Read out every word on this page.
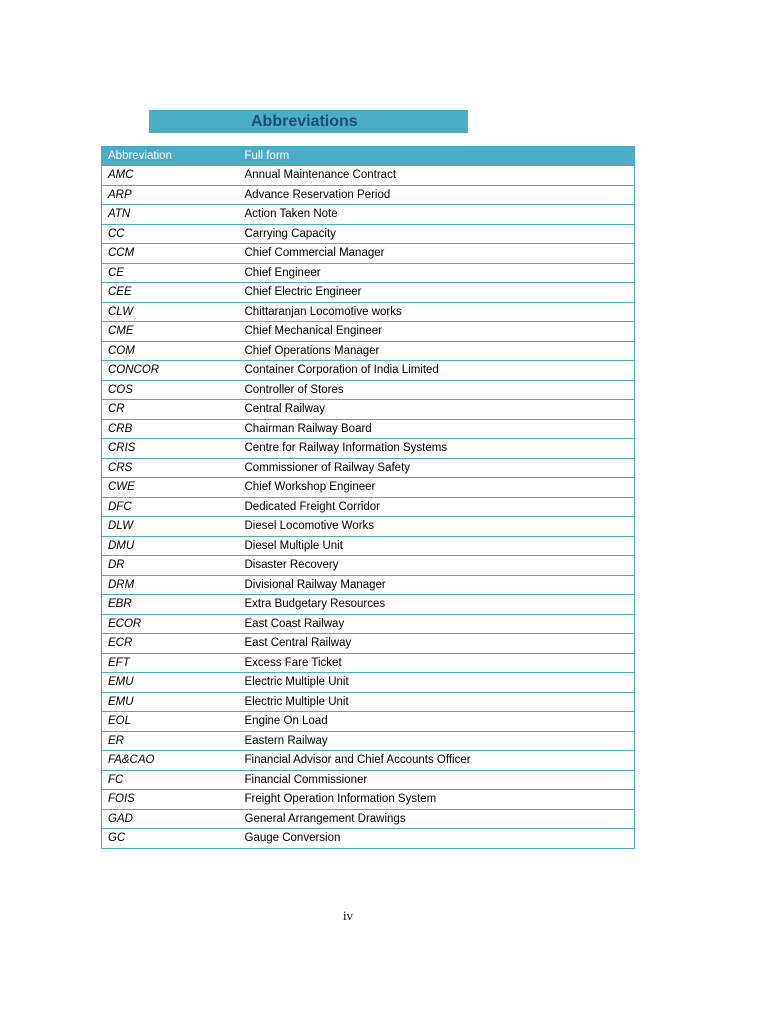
Abbreviations
Abbreviation	Full form
AMC	Annual Maintenance Contract
ARP	Advance Reservation Period
ATN	Action Taken Note
CC	Carrying Capacity
CCM	Chief Commercial Manager
CE	Chief Engineer
CEE	Chief Electric Engineer
CLW	Chittaranjan Locomotive works
CME	Chief Mechanical Engineer
COM	Chief Operations Manager
CONCOR	Container Corporation of India Limited
COS	Controller of Stores
CR	Central Railway
CRB	Chairman Railway Board
CRIS	Centre for Railway Information Systems
CRS	Commissioner of Railway Safety
CWE	Chief Workshop Engineer
DFC	Dedicated Freight Corridor
DLW	Diesel Locomotive Works
DMU	Diesel Multiple Unit
DR	Disaster Recovery
DRM	Divisional Railway Manager
EBR	Extra Budgetary Resources
ECOR	East Coast Railway
ECR	East Central Railway
EFT	Excess Fare Ticket
EMU	Electric Multiple Unit
EMU	Electric Multiple Unit
EOL	Engine On Load
ER	Eastern Railway
FA&CAO	Financial Advisor and Chief Accounts Officer
FC	Financial Commissioner
FOIS	Freight Operation Information System
GAD	General Arrangement Drawings
GC	Gauge Conversion
iv
